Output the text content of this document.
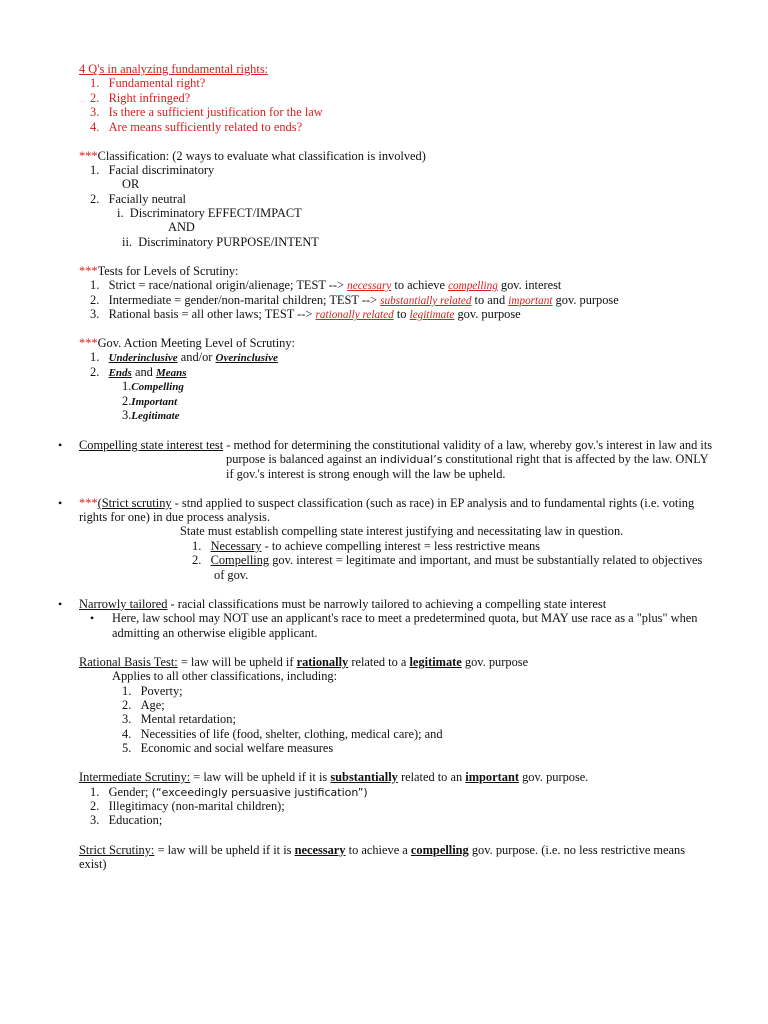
4 Q's in analyzing fundamental rights:
1. Fundamental right?
2. Right infringed?
3. Is there a sufficient justification for the law
4. Are means sufficiently related to ends?
***Classification: (2 ways to evaluate what classification is involved)
1. Facial discriminatory
OR
2. Facially neutral
i. Discriminatory EFFECT/IMPACT
AND
ii. Discriminatory PURPOSE/INTENT
***Tests for Levels of Scrutiny:
1. Strict = race/national origin/alienage; TEST --> necessary to achieve compelling gov. interest
2. Intermediate = gender/non-marital children; TEST --> substantially related to and important gov. purpose
3. Rational basis = all other laws; TEST --> rationally related to legitimate gov. purpose
***Gov. Action Meeting Level of Scrutiny:
1. Underinclusive and/or Overinclusive
2. Ends and Means
1.Compelling
2.Important
3.Legitimate
• Compelling state interest test - method for determining the constitutional validity of a law, whereby gov.'s interest in law and its
purpose is balanced against an individual’s constitutional right that is affected by the law. ONLY
if gov.'s interest is strong enough will the law be upheld.
• ***(Strict scrutiny - stnd applied to suspect classification (such as race) in EP analysis and to fundamental rights (i.e. voting
rights for one) in due process analysis.
State must establish compelling state interest justifying and necessitating law in question.
1. Necessary - to achieve compelling interest = less restrictive means
2. Compelling gov. interest = legitimate and important, and must be substantially related to objectives
of gov.
• Narrowly tailored - racial classifications must be narrowly tailored to achieving a compelling state interest
• Here, law school may NOT use an applicant's race to meet a predetermined quota, but MAY use race as a "plus" when
admitting an otherwise eligible applicant.
Rational Basis Test: = law will be upheld if rationally related to a legitimate gov. purpose
Applies to all other classifications, including:
1. Poverty;
2. Age;
3. Mental retardation;
4. Necessities of life (food, shelter, clothing, medical care); and
5. Economic and social welfare measures
Intermediate Scrutiny: = law will be upheld if it is substantially related to an important gov. purpose.
1. Gender; (“exceedingly persuasive justification”)
2. Illegitimacy (non-marital children);
3. Education;
Strict Scrutiny: = law will be upheld if it is necessary to achieve a compelling gov. purpose. (i.e. no less restrictive means
exist)
